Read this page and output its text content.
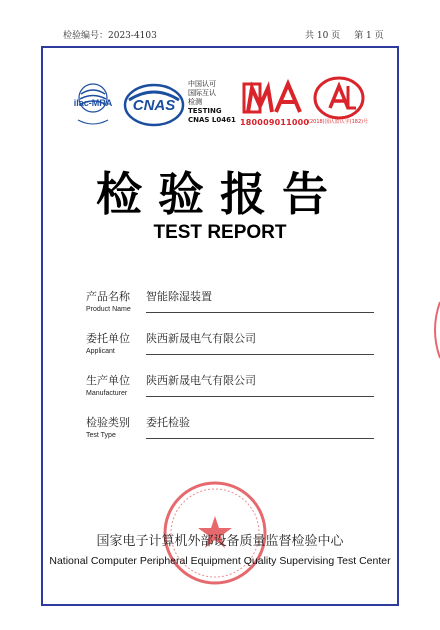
检验编号：2023-4103	共 10 页 第 1 页
ilac-MRA CNAS
中国认可
国际互认
检测
TESTING
CNAS L0461 180009011000
(2018)国认监认字(182)号
检验报告
TEST REPORT
产品名称
Product Name
智能除湿装置
委托单位
Applicant
陕西新晟电气有限公司
生产单位
Manufacturer
陕西新晟电气有限公司
检验类别
Test Type
委托检验
国家电子计算机外部设备质量监督检验中心
National Computer Peripheral Equipment Quality Supervising Test Center
